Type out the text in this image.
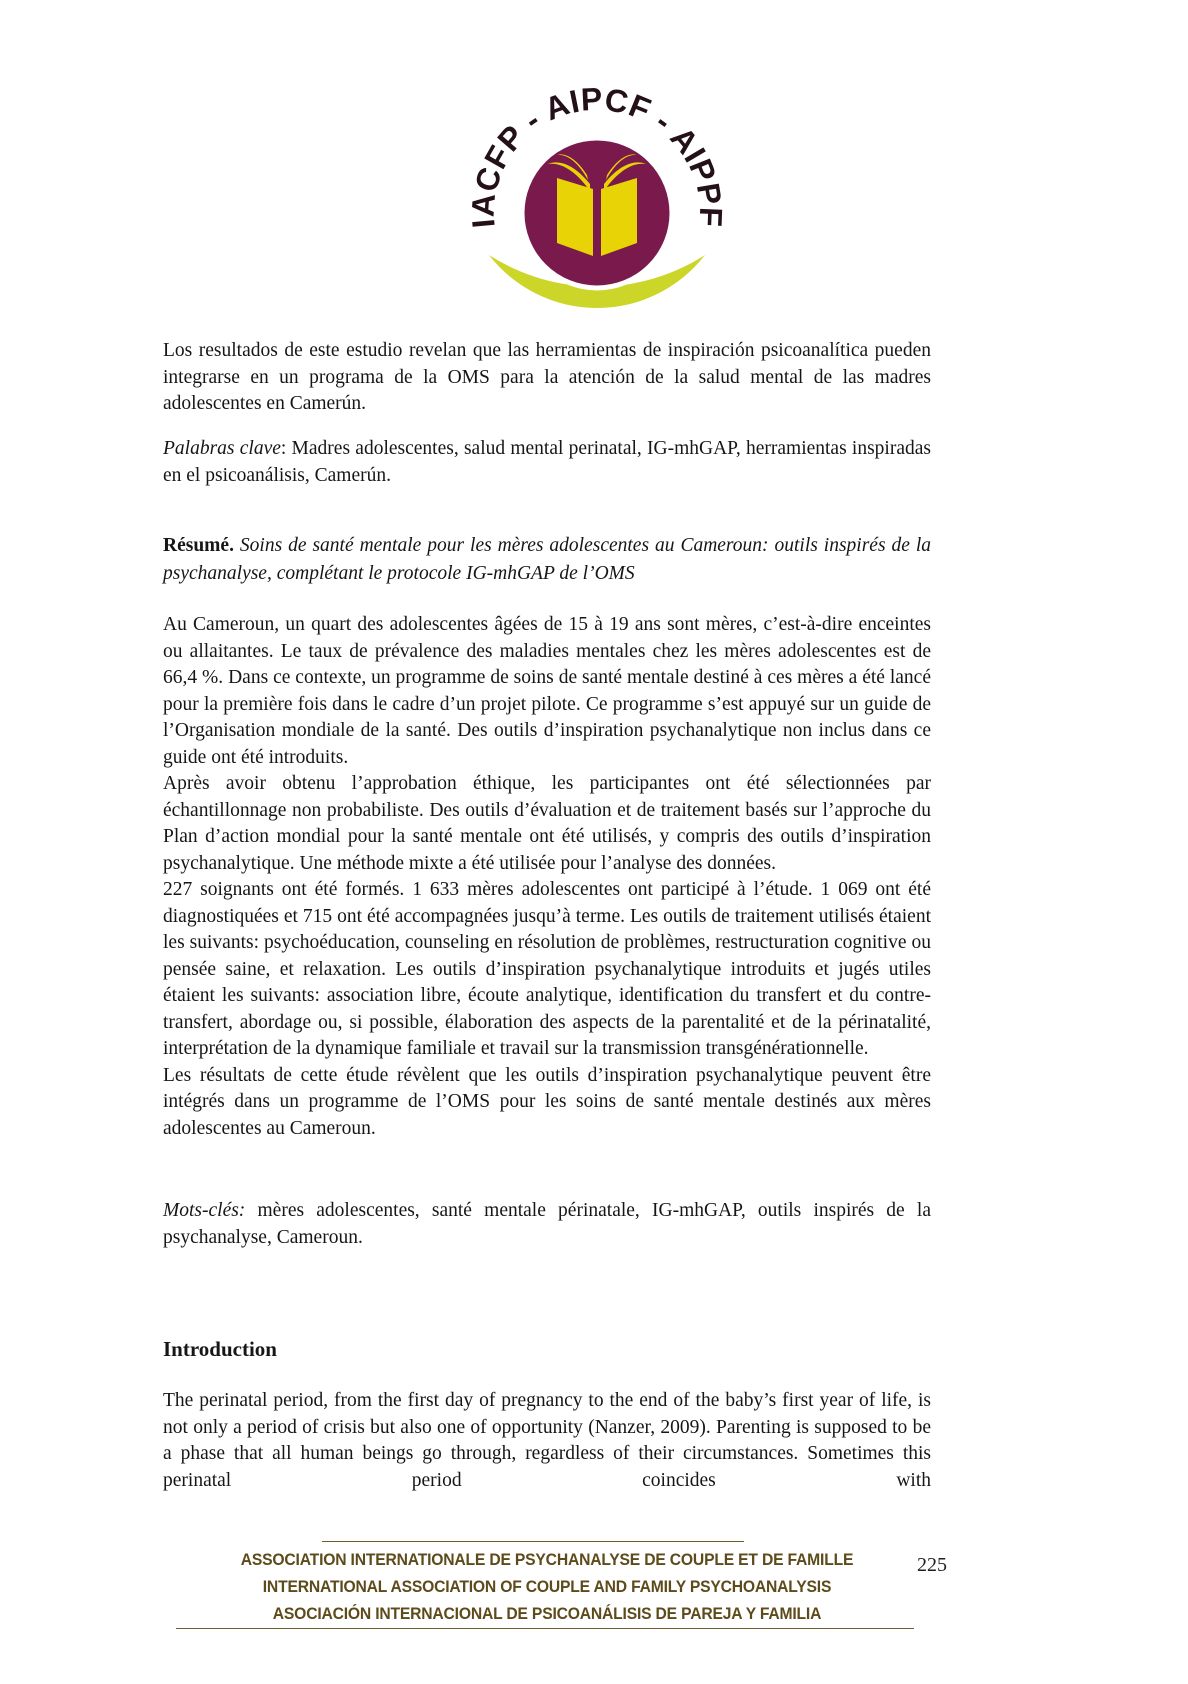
IACFP - AIPCF - AIPPF

Los resultados de este estudio revelan que las herramientas de inspiración psicoanalítica pueden integrarse en un programa de la OMS para la atención de la salud mental de las madres adolescentes en Camerún.

Palabras clave: Madres adolescentes, salud mental perinatal, IG-mhGAP, herramientas inspiradas en el psicoanálisis, Camerún.

Résumé. Soins de santé mentale pour les mères adolescentes au Cameroun: outils inspirés de la psychanalyse, complétant le protocole IG-mhGAP de l’OMS

Au Cameroun, un quart des adolescentes âgées de 15 à 19 ans sont mères, c’est-à-dire enceintes ou allaitantes. Le taux de prévalence des maladies mentales chez les mères adolescentes est de 66,4 %. Dans ce contexte, un programme de soins de santé mentale destiné à ces mères a été lancé pour la première fois dans le cadre d’un projet pilote. Ce programme s’est appuyé sur un guide de l’Organisation mondiale de la santé. Des outils d’inspiration psychanalytique non inclus dans ce guide ont été introduits.

Après avoir obtenu l’approbation éthique, les participantes ont été sélectionnées par échantillonnage non probabiliste. Des outils d’évaluation et de traitement basés sur l’approche du Plan d’action mondial pour la santé mentale ont été utilisés, y compris des outils d’inspiration psychanalytique. Une méthode mixte a été utilisée pour l’analyse des données.

227 soignants ont été formés. 1 633 mères adolescentes ont participé à l’étude. 1 069 ont été diagnostiquées et 715 ont été accompagnées jusqu’à terme. Les outils de traitement utilisés étaient les suivants: psychoéducation, counseling en résolution de problèmes, restructuration cognitive ou pensée saine, et relaxation. Les outils d’inspiration psychanalytique introduits et jugés utiles étaient les suivants: association libre, écoute analytique, identification du transfert et du contre-transfert, abordage ou, si possible, élaboration des aspects de la parentalité et de la périnatalité, interprétation de la dynamique familiale et travail sur la transmission transgénérationnelle.

Les résultats de cette étude révèlent que les outils d’inspiration psychanalytique peuvent être intégrés dans un programme de l’OMS pour les soins de santé mentale destinés aux mères adolescentes au Cameroun.

Mots-clés: mères adolescentes, santé mentale périnatale, IG-mhGAP, outils inspirés de la psychanalyse, Cameroun.

Introduction
The perinatal period, from the first day of pregnancy to the end of the baby’s first year of life, is not only a period of crisis but also one of opportunity (Nanzer, 2009). Parenting is supposed to be a phase that all human beings go through, regardless of their circumstances. Sometimes this perinatal period coincides with
ASSOCIATION INTERNATIONALE DE PSYCHANALYSE DE COUPLE ET DE FAMILLE
INTERNATIONAL ASSOCIATION OF COUPLE AND FAMILY PSYCHOANALYSIS
ASOCIACIÓN INTERNACIONAL DE PSICOANÁLISIS DE PAREJA Y FAMILIA
225
